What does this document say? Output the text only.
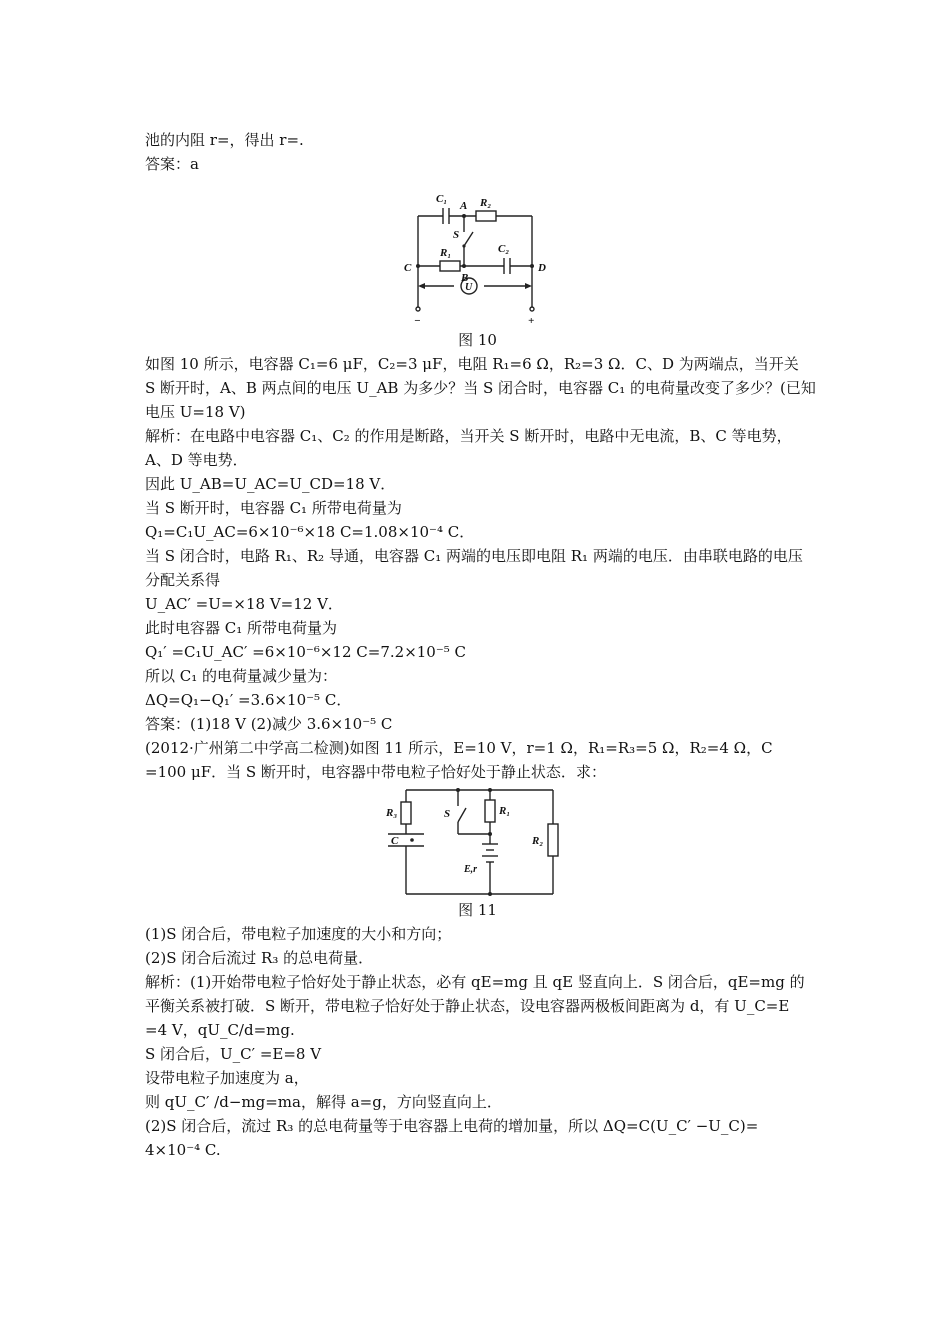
池的内阻 r=，得出 r=.
答案：a
C₁
A R₂
S
R₁	C₂
C	D
B
U
−	+
图 10
如图 10 所示，电容器 C₁=6 μF，C₂=3 μF，电阻 R₁=6 Ω，R₂=3 Ω．C、D 为两端点，当开关
S 断开时，A、B 两点间的电压 U_AB 为多少？当 S 闭合时，电容器 C₁ 的电荷量改变了多少？(已知
电压 U=18 V)
解析：在电路中电容器 C₁、C₂ 的作用是断路，当开关 S 断开时，电路中无电流，B、C 等电势，
A、D 等电势．
因此 U_AB=U_AC=U_CD=18 V．
当 S 断开时，电容器 C₁ 所带电荷量为
Q₁=C₁U_AC=6×10⁻⁶×18 C=1.08×10⁻⁴ C．
当 S 闭合时，电路 R₁、R₂ 导通，电容器 C₁ 两端的电压即电阻 R₁ 两端的电压．由串联电路的电压
分配关系得
U_AC′ =U=×18 V=12 V．
此时电容器 C₁ 所带电荷量为
Q₁′ =C₁U_AC′ =6×10⁻⁶×12 C=7.2×10⁻⁵ C
所以 C₁ 的电荷量减少量为：
ΔQ=Q₁−Q₁′ =3.6×10⁻⁵ C．
答案：(1)18 V (2)减少 3.6×10⁻⁵ C
(2012·广州第二中学高二检测)如图 11 所示，E=10 V，r=1 Ω，R₁=R₃=5 Ω，R₂=4 Ω，C
=100 μF．当 S 断开时，电容器中带电粒子恰好处于静止状态．求：
R₃	S	R₁
C	R₂
E,r
图 11
(1)S 闭合后，带电粒子加速度的大小和方向；
(2)S 闭合后流过 R₃ 的总电荷量．
解析：(1)开始带电粒子恰好处于静止状态，必有 qE=mg 且 qE 竖直向上．S 闭合后，qE=mg 的
平衡关系被打破．S 断开，带电粒子恰好处于静止状态，设电容器两极板间距离为 d，有 U_C=E
=4 V，qU_C/d=mg.
S 闭合后，U_C′ =E=8 V
设带电粒子加速度为 a，
则 qU_C′ /d−mg=ma，解得 a=g，方向竖直向上．
(2)S 闭合后，流过 R₃ 的总电荷量等于电容器上电荷的增加量，所以 ΔQ=C(U_C′ −U_C)=
4×10⁻⁴ C.
